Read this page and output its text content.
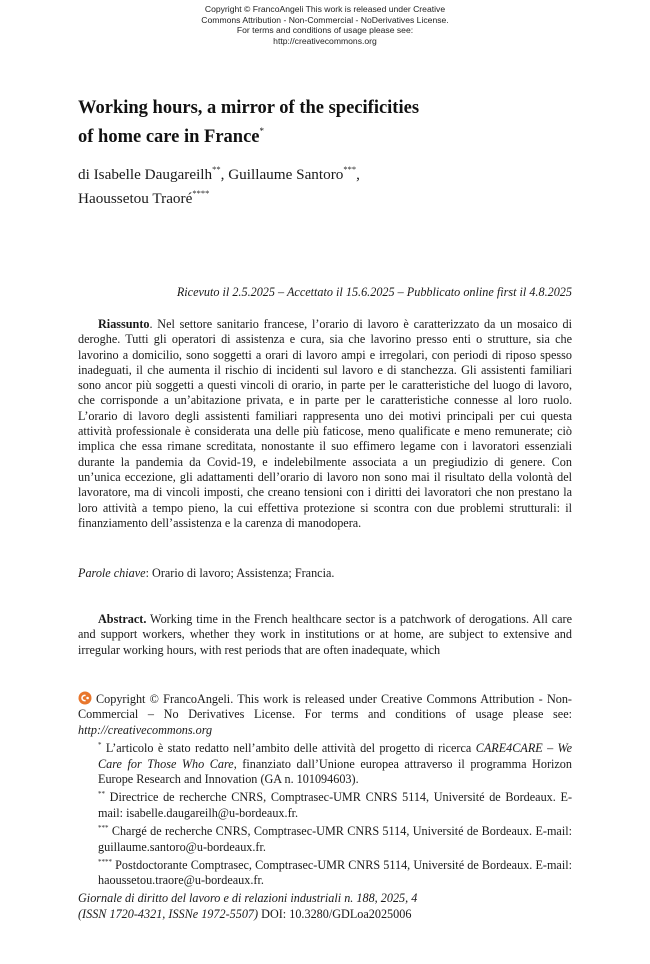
Copyright © FrancoAngeli This work is released under Creative
Commons Attribution - Non-Commercial - NoDerivatives License.
For terms and conditions of usage please see:
http://creativecommons.org
Working hours, a mirror of the specificities
of home care in France*
di Isabelle Daugareilh**, Guillaume Santoro***,
Haoussetou Traoré****
Ricevuto il 2.5.2025 – Accettato il 15.6.2025 – Pubblicato online first il 4.8.2025

Riassunto. Nel settore sanitario francese, l’orario di lavoro è caratterizzato da un mosaico di deroghe. Tutti gli operatori di assistenza e cura, sia che lavorino presso enti o strutture, sia che lavorino a domicilio, sono soggetti a orari di lavoro ampi e irregolari, con periodi di riposo spesso inadeguati, il che aumenta il rischio di incidenti sul lavoro e di stanchezza. Gli assistenti familiari sono ancor più soggetti a questi vincoli di orario, in parte per le caratteristiche del luogo di lavoro, che corrisponde a un’abitazione privata, e in parte per le caratteristiche connesse al loro ruolo. L’orario di lavoro degli assistenti familiari rappresenta uno dei motivi principali per cui questa attività professionale è considerata una delle più faticose, meno qualificate e meno remunerate; ciò implica che essa rimane screditata, nonostante il suo effimero legame con i lavoratori essenziali durante la pandemia da Covid-19, e indelebilmente associata a un pregiudizio di genere. Con un’unica eccezione, gli adattamenti dell’orario di lavoro non sono mai il risultato della volontà del lavoratore, ma di vincoli imposti, che creano tensioni con i diritti dei lavoratori che non prestano la loro attività a tempo pieno, la cui effettiva protezione si scontra con due problemi strutturali: il finanziamento dell’assistenza e la carenza di manodopera.

Parole chiave: Orario di lavoro; Assistenza; Francia.

Abstract. Working time in the French healthcare sector is a patchwork of derogations. All care and support workers, whether they work in institutions or at home, are subject to extensive and irregular working hours, with rest periods that are often inadequate, which

Copyright © FrancoAngeli. This work is released under Creative Commons Attribution - Non-Commercial – No Derivatives License. For terms and conditions of usage please see: http://creativecommons.org

* L’articolo è stato redatto nell’ambito delle attività del progetto di ricerca CARE4CARE – We Care for Those Who Care, finanziato dall’Unione europea attraverso il programma Horizon Europe Research and Innovation (GA n. 101094603).

** Directrice de recherche CNRS, Comptrasec-UMR CNRS 5114, Université de Bordeaux. E-mail: isabelle.daugareilh@u-bordeaux.fr.

*** Chargé de recherche CNRS, Comptrasec-UMR CNRS 5114, Université de Bordeaux. E-mail: guillaume.santoro@u-bordeaux.fr.

**** Postdoctorante Comptrasec, Comptrasec-UMR CNRS 5114, Université de Bordeaux. E-mail: haoussetou.traore@u-bordeaux.fr.

Giornale di diritto del lavoro e di relazioni industriali n. 188, 2025, 4
(ISSN 1720-4321, ISSNe 1972-5507) DOI: 10.3280/GDLoa2025006
